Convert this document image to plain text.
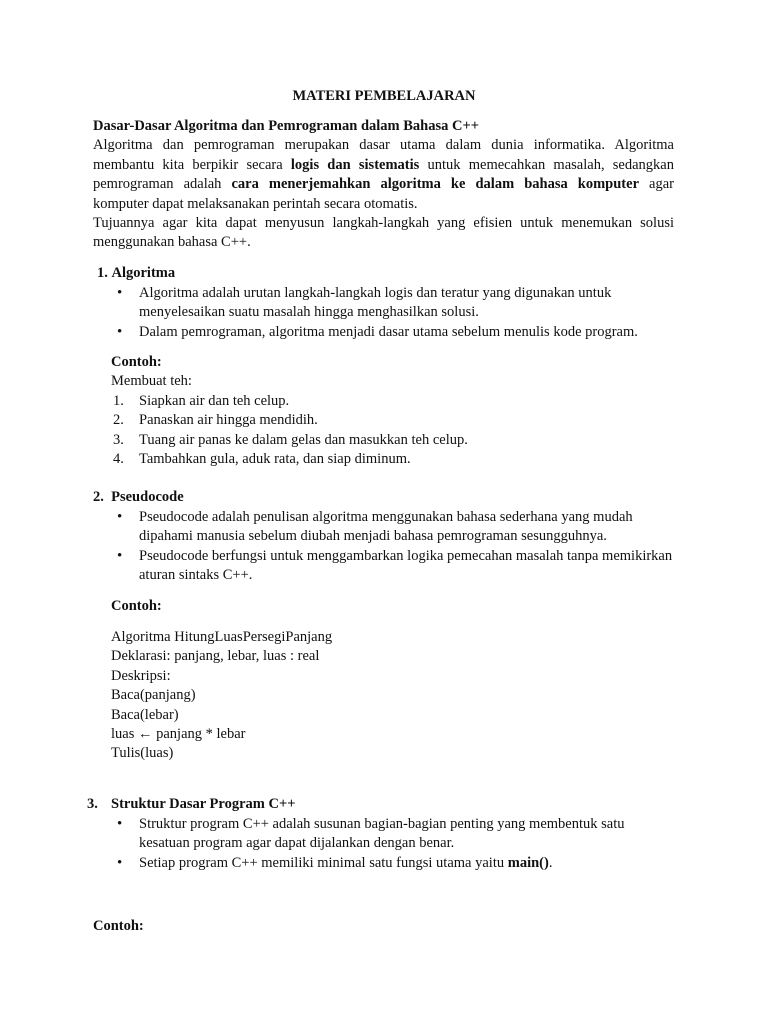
MATERI PEMBELAJARAN

Dasar-Dasar Algoritma dan Pemrograman dalam Bahasa C++

Algoritma dan pemrograman merupakan dasar utama dalam dunia informatika. Algoritma membantu kita berpikir secara logis dan sistematis untuk memecahkan masalah, sedangkan pemrograman adalah cara menerjemahkan algoritma ke dalam bahasa komputer agar komputer dapat melaksanakan perintah secara otomatis.

Tujuannya agar kita dapat menyusun langkah-langkah yang efisien untuk menemukan solusi menggunakan bahasa C++.

1. Algoritma
• Algoritma adalah urutan langkah-langkah logis dan teratur yang digunakan untuk menyelesaikan suatu masalah hingga menghasilkan solusi.
• Dalam pemrograman, algoritma menjadi dasar utama sebelum menulis kode program.
Contoh:
Membuat teh:
1. Siapkan air dan teh celup.
2. Panaskan air hingga mendidih.
3. Tuang air panas ke dalam gelas dan masukkan teh celup.
4. Tambahkan gula, aduk rata, dan siap diminum.
2. Pseudocode
• Pseudocode adalah penulisan algoritma menggunakan bahasa sederhana yang mudah dipahami manusia sebelum diubah menjadi bahasa pemrograman sesungguhnya.
• Pseudocode berfungsi untuk menggambarkan logika pemecahan masalah tanpa memikirkan aturan sintaks C++.
Contoh:
Algoritma HitungLuasPersegiPanjang
Deklarasi: panjang, lebar, luas : real
Deskripsi:
Baca(panjang)
Baca(lebar)
luas ← panjang * lebar
Tulis(luas)
3. Struktur Dasar Program C++
• Struktur program C++ adalah susunan bagian-bagian penting yang membentuk satu kesatuan program agar dapat dijalankan dengan benar.
• Setiap program C++ memiliki minimal satu fungsi utama yaitu main().
Contoh:
